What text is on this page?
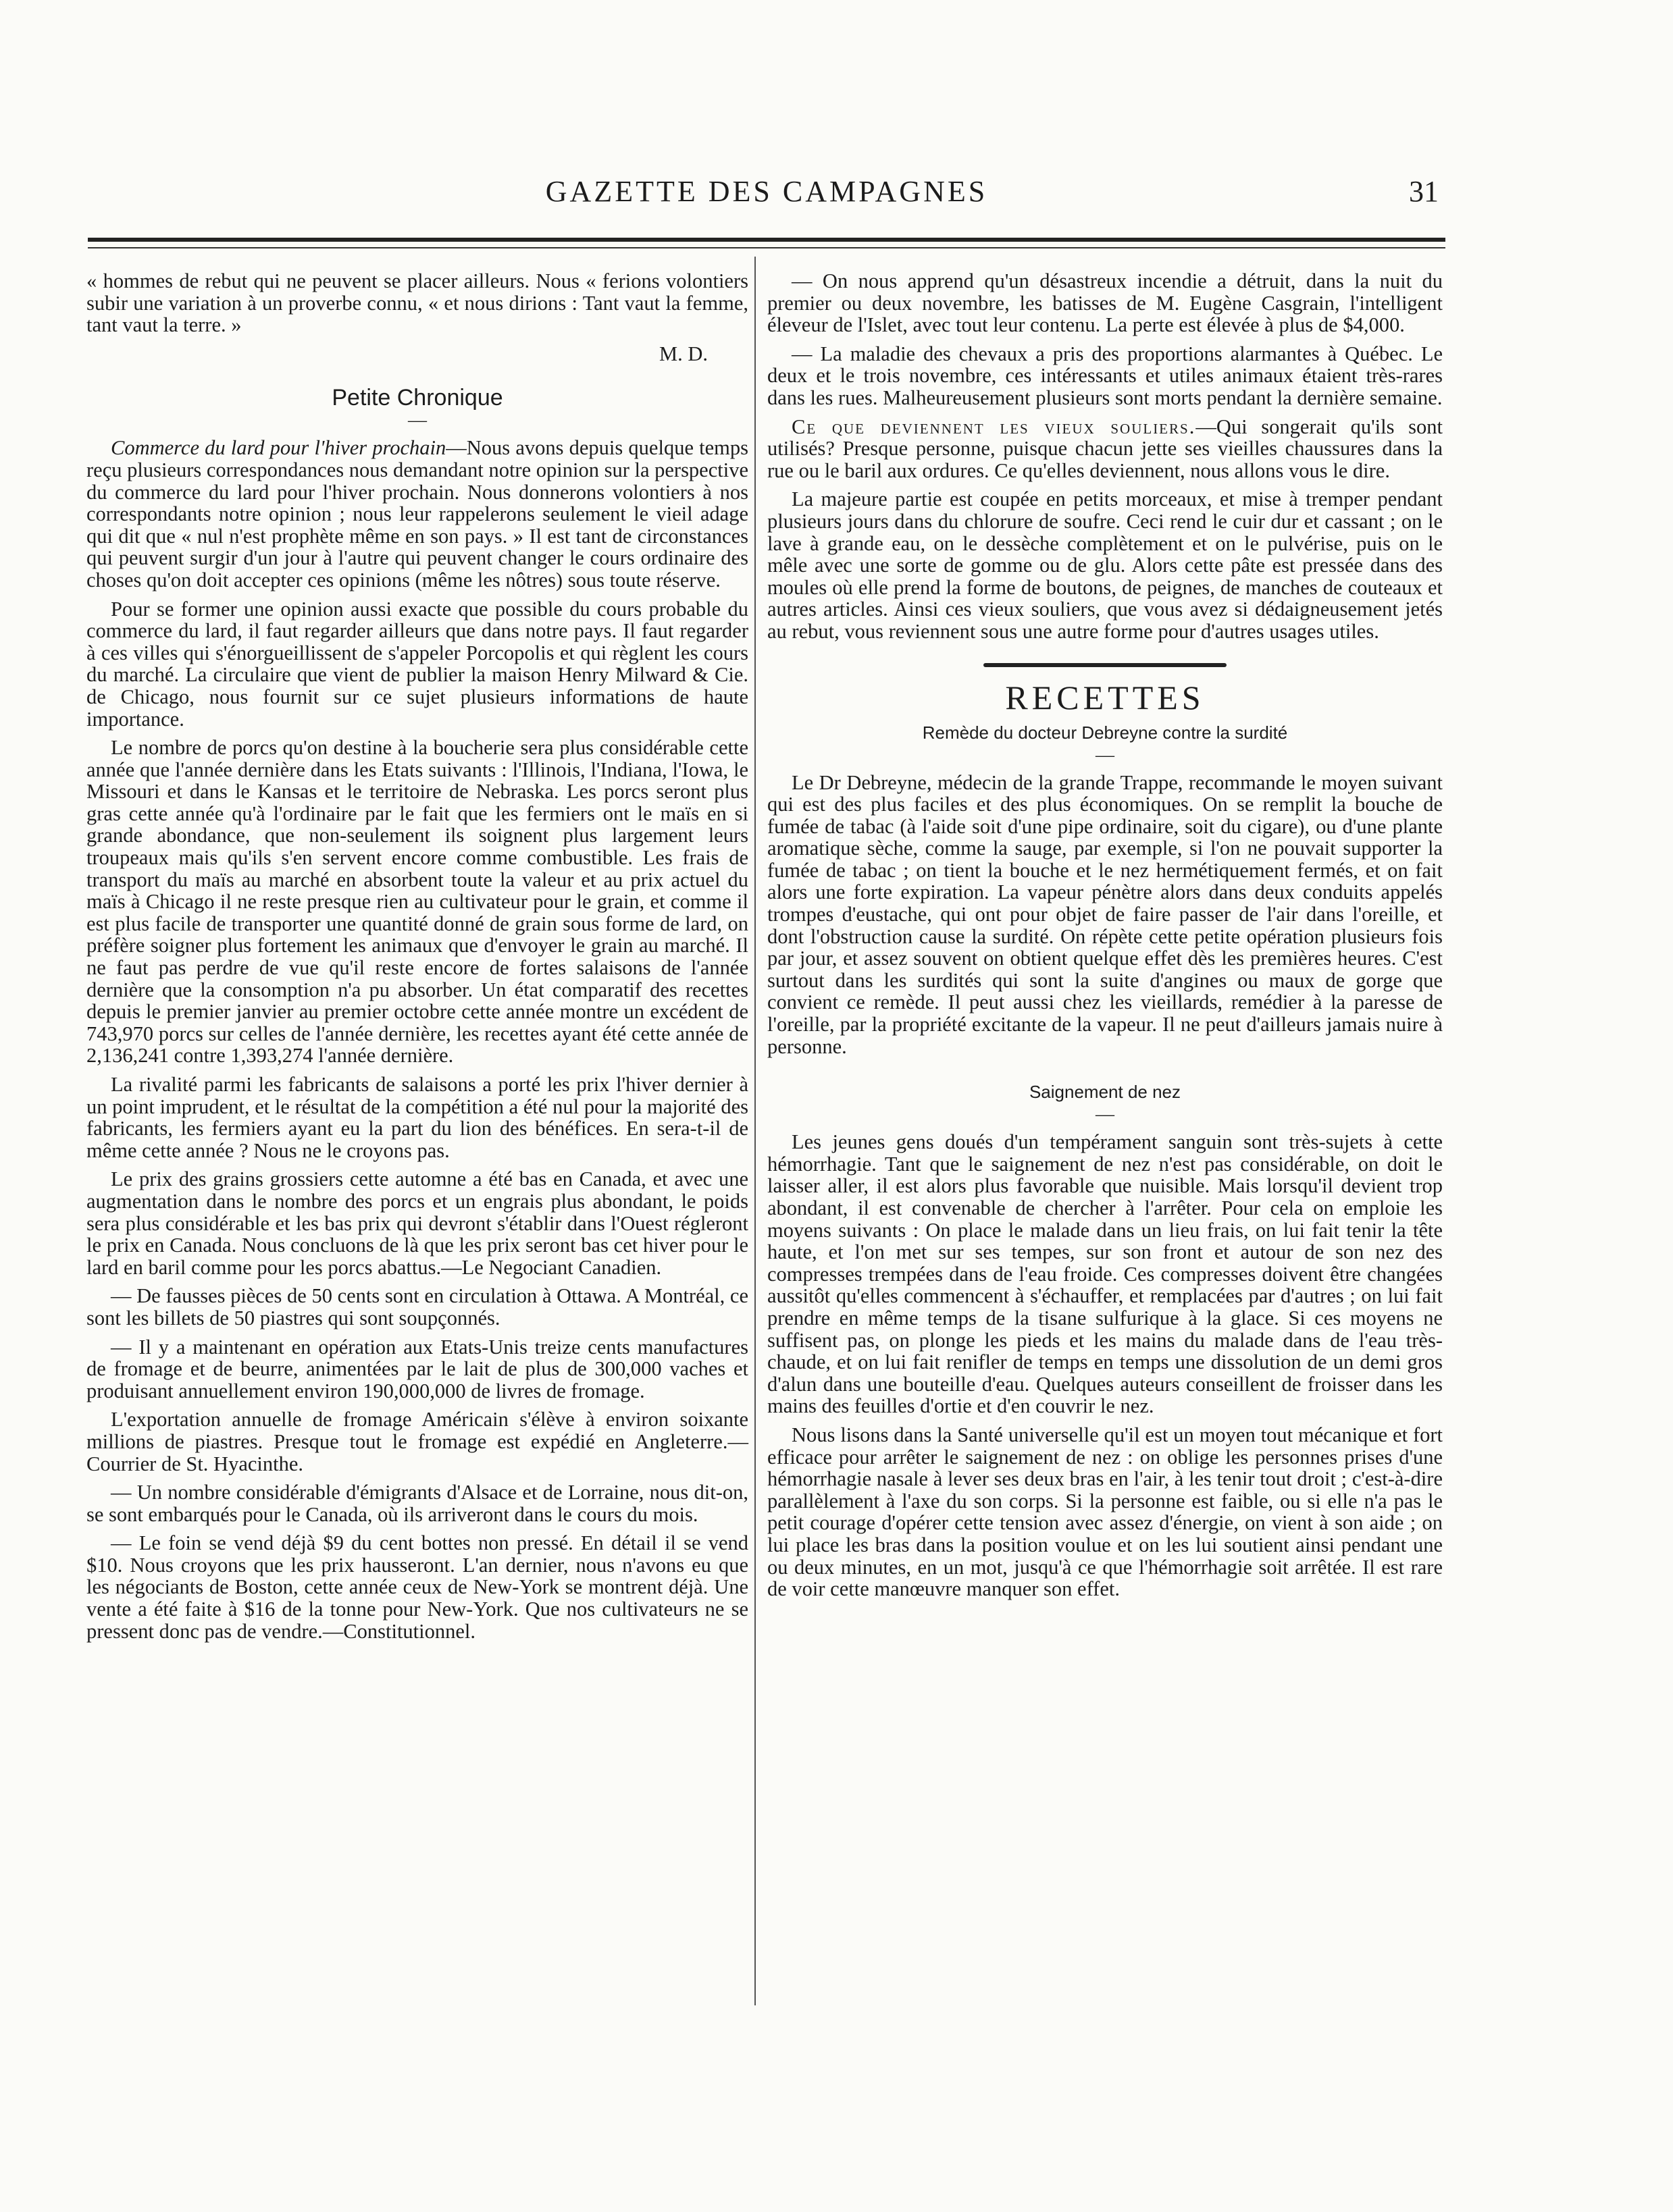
GAZETTE DES CAMPAGNES	31

« hommes de rebut qui ne peuvent se placer ailleurs. Nous « ferions volontiers subir une variation à un proverbe connu, « et nous dirions : Tant vaut la femme, tant vaut la terre. »

M. D.

Petite Chronique
—

Commerce du lard pour l'hiver prochain—Nous avons depuis quelque temps reçu plusieurs correspondances nous demandant notre opinion sur la perspective du commerce du lard pour l'hiver prochain. Nous donnerons volontiers à nos correspondants notre opinion ; nous leur rappelerons seulement le vieil adage qui dit que « nul n'est prophète même en son pays. » Il est tant de circonstances qui peuvent surgir d'un jour à l'autre qui peuvent changer le cours ordinaire des choses qu'on doit accepter ces opinions (même les nôtres) sous toute réserve.

Pour se former une opinion aussi exacte que possible du cours probable du commerce du lard, il faut regarder ailleurs que dans notre pays. Il faut regarder à ces villes qui s'énorgueillissent de s'appeler Porcopolis et qui règlent les cours du marché. La circulaire que vient de publier la maison Henry Milward & Cie. de Chicago, nous fournit sur ce sujet plusieurs informations de haute importance.

Le nombre de porcs qu'on destine à la boucherie sera plus considérable cette année que l'année dernière dans les Etats suivants : l'Illinois, l'Indiana, l'Iowa, le Missouri et dans le Kansas et le territoire de Nebraska. Les porcs seront plus gras cette année qu'à l'ordinaire par le fait que les fermiers ont le maïs en si grande abondance, que non-seulement ils soignent plus largement leurs troupeaux mais qu'ils s'en servent encore comme combustible. Les frais de transport du maïs au marché en absorbent toute la valeur et au prix actuel du maïs à Chicago il ne reste presque rien au cultivateur pour le grain, et comme il est plus facile de transporter une quantité donné de grain sous forme de lard, on préfère soigner plus fortement les animaux que d'envoyer le grain au marché. Il ne faut pas perdre de vue qu'il reste encore de fortes salaisons de l'année dernière que la consomption n'a pu absorber. Un état comparatif des recettes depuis le premier janvier au premier octobre cette année montre un excédent de 743,970 porcs sur celles de l'année dernière, les recettes ayant été cette année de 2,136,241 contre 1,393,274 l'année dernière.

La rivalité parmi les fabricants de salaisons a porté les prix l'hiver dernier à un point imprudent, et le résultat de la compétition a été nul pour la majorité des fabricants, les fermiers ayant eu la part du lion des bénéfices. En sera-t-il de même cette année ? Nous ne le croyons pas.

Le prix des grains grossiers cette automne a été bas en Canada, et avec une augmentation dans le nombre des porcs et un engrais plus abondant, le poids sera plus considérable et les bas prix qui devront s'établir dans l'Ouest régleront le prix en Canada. Nous concluons de là que les prix seront bas cet hiver pour le lard en baril comme pour les porcs abattus.—Le Negociant Canadien.

— De fausses pièces de 50 cents sont en circulation à Ottawa. A Montréal, ce sont les billets de 50 piastres qui sont soupçonnés.

— Il y a maintenant en opération aux Etats-Unis treize cents manufactures de fromage et de beurre, animentées par le lait de plus de 300,000 vaches et produisant annuellement environ 190,000,000 de livres de fromage.

L'exportation annuelle de fromage Américain s'élève à environ soixante millions de piastres. Presque tout le fromage est expédié en Angleterre.—Courrier de St. Hyacinthe.

— Un nombre considérable d'émigrants d'Alsace et de Lorraine, nous dit-on, se sont embarqués pour le Canada, où ils arriveront dans le cours du mois.

— Le foin se vend déjà $9 du cent bottes non pressé. En détail il se vend $10. Nous croyons que les prix hausseront. L'an dernier, nous n'avons eu que les négociants de Boston, cette année ceux de New-York se montrent déjà. Une vente a été faite à $16 de la tonne pour New-York. Que nos cultivateurs ne se pressent donc pas de vendre.—Constitutionnel.

— On nous apprend qu'un désastreux incendie a détruit, dans la nuit du premier ou deux novembre, les batisses de M. Eugène Casgrain, l'intelligent éleveur de l'Islet, avec tout leur contenu. La perte est élevée à plus de $4,000.

— La maladie des chevaux a pris des proportions alarmantes à Québec. Le deux et le trois novembre, ces intéressants et utiles animaux étaient très-rares dans les rues. Malheureusement plusieurs sont morts pendant la dernière semaine.

Ce que deviennent les vieux souliers.—Qui songerait qu'ils sont utilisés? Presque personne, puisque chacun jette ses vieilles chaussures dans la rue ou le baril aux ordures. Ce qu'elles deviennent, nous allons vous le dire.

La majeure partie est coupée en petits morceaux, et mise à tremper pendant plusieurs jours dans du chlorure de soufre. Ceci rend le cuir dur et cassant ; on le lave à grande eau, on le dessèche complètement et on le pulvérise, puis on le mêle avec une sorte de gomme ou de glu. Alors cette pâte est pressée dans des moules où elle prend la forme de boutons, de peignes, de manches de couteaux et autres articles. Ainsi ces vieux souliers, que vous avez si dédaigneusement jetés au rebut, vous reviennent sous une autre forme pour d'autres usages utiles.

RECETTES
Remède du docteur Debreyne contre la surdité
—

Le Dr Debreyne, médecin de la grande Trappe, recommande le moyen suivant qui est des plus faciles et des plus économiques. On se remplit la bouche de fumée de tabac (à l'aide soit d'une pipe ordinaire, soit du cigare), ou d'une plante aromatique sèche, comme la sauge, par exemple, si l'on ne pouvait supporter la fumée de tabac ; on tient la bouche et le nez hermétiquement fermés, et on fait alors une forte expiration. La vapeur pénètre alors dans deux conduits appelés trompes d'eustache, qui ont pour objet de faire passer de l'air dans l'oreille, et dont l'obstruction cause la surdité. On répète cette petite opération plusieurs fois par jour, et assez souvent on obtient quelque effet dès les premières heures. C'est surtout dans les surdités qui sont la suite d'angines ou maux de gorge que convient ce remède. Il peut aussi chez les vieillards, remédier à la paresse de l'oreille, par la propriété excitante de la vapeur. Il ne peut d'ailleurs jamais nuire à personne.

Saignement de nez
—

Les jeunes gens doués d'un tempérament sanguin sont très-sujets à cette hémorrhagie. Tant que le saignement de nez n'est pas considérable, on doit le laisser aller, il est alors plus favorable que nuisible. Mais lorsqu'il devient trop abondant, il est convenable de chercher à l'arrêter. Pour cela on emploie les moyens suivants : On place le malade dans un lieu frais, on lui fait tenir la tête haute, et l'on met sur ses tempes, sur son front et autour de son nez des compresses trempées dans de l'eau froide. Ces compresses doivent être changées aussitôt qu'elles commencent à s'échauffer, et remplacées par d'autres ; on lui fait prendre en même temps de la tisane sulfurique à la glace. Si ces moyens ne suffisent pas, on plonge les pieds et les mains du malade dans de l'eau très-chaude, et on lui fait renifler de temps en temps une dissolution de un demi gros d'alun dans une bouteille d'eau. Quelques auteurs conseillent de froisser dans les mains des feuilles d'ortie et d'en couvrir le nez.

Nous lisons dans la Santé universelle qu'il est un moyen tout mécanique et fort efficace pour arrêter le saignement de nez : on oblige les personnes prises d'une hémorrhagie nasale à lever ses deux bras en l'air, à les tenir tout droit ; c'est-à-dire parallèlement à l'axe du son corps. Si la personne est faible, ou si elle n'a pas le petit courage d'opérer cette tension avec assez d'énergie, on vient à son aide ; on lui place les bras dans la position voulue et on les lui soutient ainsi pendant une ou deux minutes, en un mot, jusqu'à ce que l'hémorrhagie soit arrêtée. Il est rare de voir cette manœuvre manquer son effet.
